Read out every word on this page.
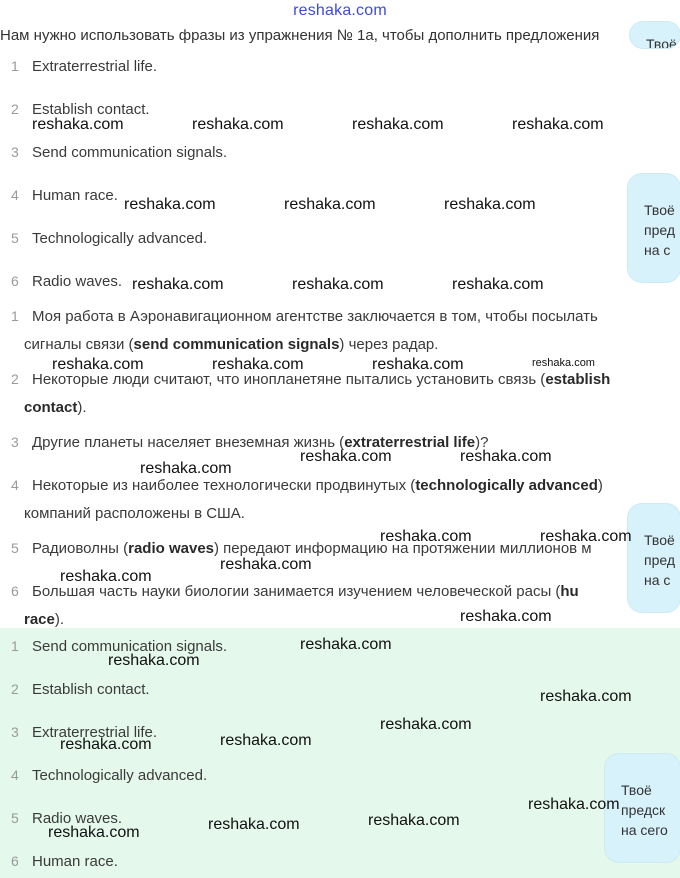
reshaka.com
Нам нужно использовать фразы из упражнения № 1а, чтобы дополнить предложения
1 Extraterrestrial life.
2 Establish contact.
3 Send communication signals.
4 Human race.
5 Technologically advanced.
6 Radio waves.
1 Моя работа в Аэронавигационном агентстве заключается в том, чтобы посылать
сигналы связи (send communication signals) через радар.
2 Некоторые люди считают, что инопланетяне пытались установить связь (establish
contact).
3 Другие планеты населяет внеземная жизнь (extraterrestrial life)?
4 Некоторые из наиболее технологически продвинутых (technologically advanced)
компаний расположены в США.
5 Радиоволны (radio waves) передают информацию на протяжении миллионов м
6 Большая часть науки биологии занимается изучением человеческой расы (hu
race).
1 Send communication signals.
2 Establish contact.
3 Extraterrestrial life.
4 Technologically advanced.
5 Radio waves.
6 Human race.
Твоё
Твоё
пред
на с
Твоё
пред
на с
Твоё
предск
на сего
reshaka.com	reshaka.com	reshaka.com	reshaka.com
reshaka.com	reshaka.com	reshaka.com
reshaka.com	reshaka.com	reshaka.com
reshaka.com	reshaka.com	reshaka.com	reshaka.com
reshaka.com	reshaka.com
reshaka.com
reshaka.com	reshaka.com
reshaka.com
reshaka.com
reshaka.com
reshaka.com
reshaka.com
reshaka.com
reshaka.com
reshaka.com
reshaka.com
reshaka.com
reshaka.com
reshaka.com
reshaka.com
